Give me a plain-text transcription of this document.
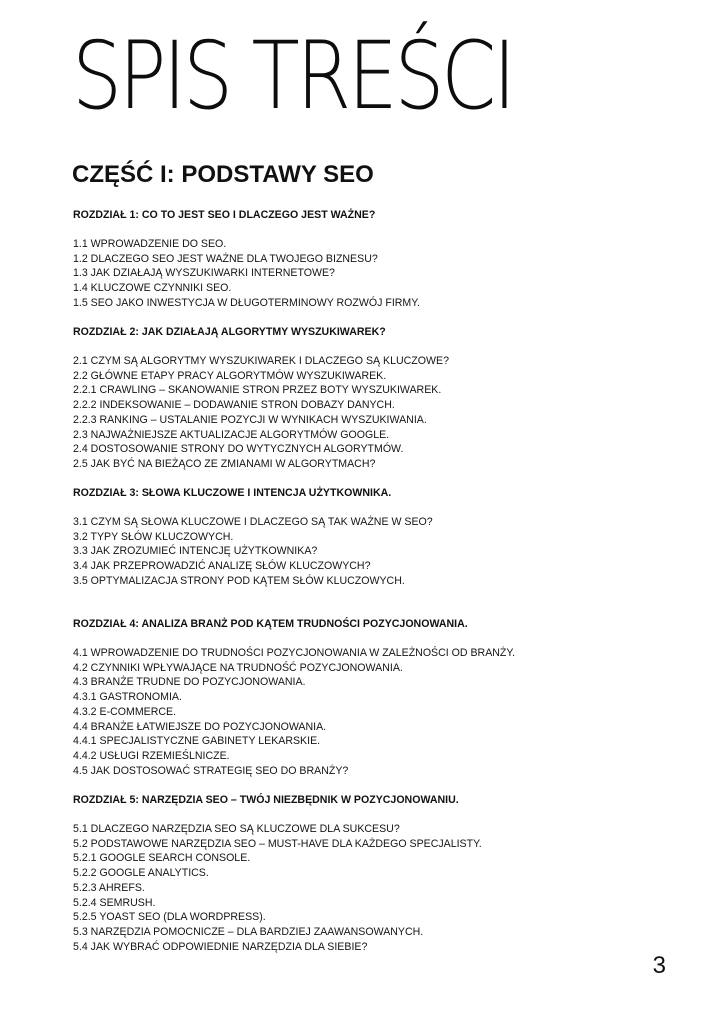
SPIS TREŚCI
CZĘŚĆ I: PODSTAWY SEO
ROZDZIAŁ 1: CO TO JEST SEO I DLACZEGO JEST WAŻNE?
1.1 WPROWADZENIE DO SEO.
1.2 DLACZEGO SEO JEST WAŻNE DLA TWOJEGO BIZNESU?
1.3 JAK DZIAŁAJĄ WYSZUKIWARKI INTERNETOWE?
1.4 KLUCZOWE CZYNNIKI SEO.
1.5 SEO JAKO INWESTYCJA W DŁUGOTERMINOWY ROZWÓJ FIRMY.
ROZDZIAŁ 2: JAK DZIAŁAJĄ ALGORYTMY WYSZUKIWAREK?
2.1 CZYM SĄ ALGORYTMY WYSZUKIWAREK I DLACZEGO SĄ KLUCZOWE?
2.2 GŁÓWNE ETAPY PRACY ALGORYTMÓW WYSZUKIWAREK.
2.2.1 CRAWLING – SKANOWANIE STRON PRZEZ BOTY WYSZUKIWAREK.
2.2.2 INDEKSOWANIE – DODAWANIE STRON DOBAZY DANYCH.
2.2.3 RANKING – USTALANIE POZYCJI W WYNIKACH WYSZUKIWANIA.
2.3 NAJWAŻNIEJSZE AKTUALIZACJE ALGORYTMÓW GOOGLE.
2.4 DOSTOSOWANIE STRONY DO WYTYCZNYCH ALGORYTMÓW.
2.5 JAK BYĆ NA BIEŻĄCO ZE ZMIANAMI W ALGORYTMACH?
ROZDZIAŁ 3: SŁOWA KLUCZOWE I INTENCJA UŻYTKOWNIKA.
3.1 CZYM SĄ SŁOWA KLUCZOWE I DLACZEGO SĄ TAK WAŻNE W SEO?
3.2 TYPY SŁÓW KLUCZOWYCH.
3.3 JAK ZROZUMIEĆ INTENCJĘ UŻYTKOWNIKA?
3.4 JAK PRZEPROWADZIĆ ANALIZĘ SŁÓW KLUCZOWYCH?
3.5 OPTYMALIZACJA STRONY POD KĄTEM SŁÓW KLUCZOWYCH.
ROZDZIAŁ 4: ANALIZA BRANŻ POD KĄTEM TRUDNOŚCI POZYCJONOWANIA.
4.1 WPROWADZENIE DO TRUDNOŚCI POZYCJONOWANIA W ZALEŻNOŚCI OD BRANŻY.
4.2 CZYNNIKI WPŁYWAJĄCE NA TRUDNOŚĆ POZYCJONOWANIA.
4.3 BRANŻE TRUDNE DO POZYCJONOWANIA.
4.3.1 GASTRONOMIA.
4.3.2 E-COMMERCE.
4.4 BRANŻE ŁATWIEJSZE DO POZYCJONOWANIA.
4.4.1 SPECJALISTYCZNE GABINETY LEKARSKIE.
4.4.2 USŁUGI RZEMIEŚLNICZE.
4.5 JAK DOSTOSOWAĆ STRATEGIĘ SEO DO BRANŻY?
ROZDZIAŁ 5: NARZĘDZIA SEO – TWÓJ NIEZBĘDNIK W POZYCJONOWANIU.
5.1 DLACZEGO NARZĘDZIA SEO SĄ KLUCZOWE DLA SUKCESU?
5.2 PODSTAWOWE NARZĘDZIA SEO – MUST-HAVE DLA KAŻDEGO SPECJALISTY.
5.2.1 GOOGLE SEARCH CONSOLE.
5.2.2 GOOGLE ANALYTICS.
5.2.3 AHREFS.
5.2.4 SEMRUSH.
5.2.5 YOAST SEO (DLA WORDPRESS).
5.3 NARZĘDZIA POMOCNICZE – DLA BARDZIEJ ZAAWANSOWANYCH.
5.4 JAK WYBRAĆ ODPOWIEDNIE NARZĘDZIA DLA SIEBIE?
3
